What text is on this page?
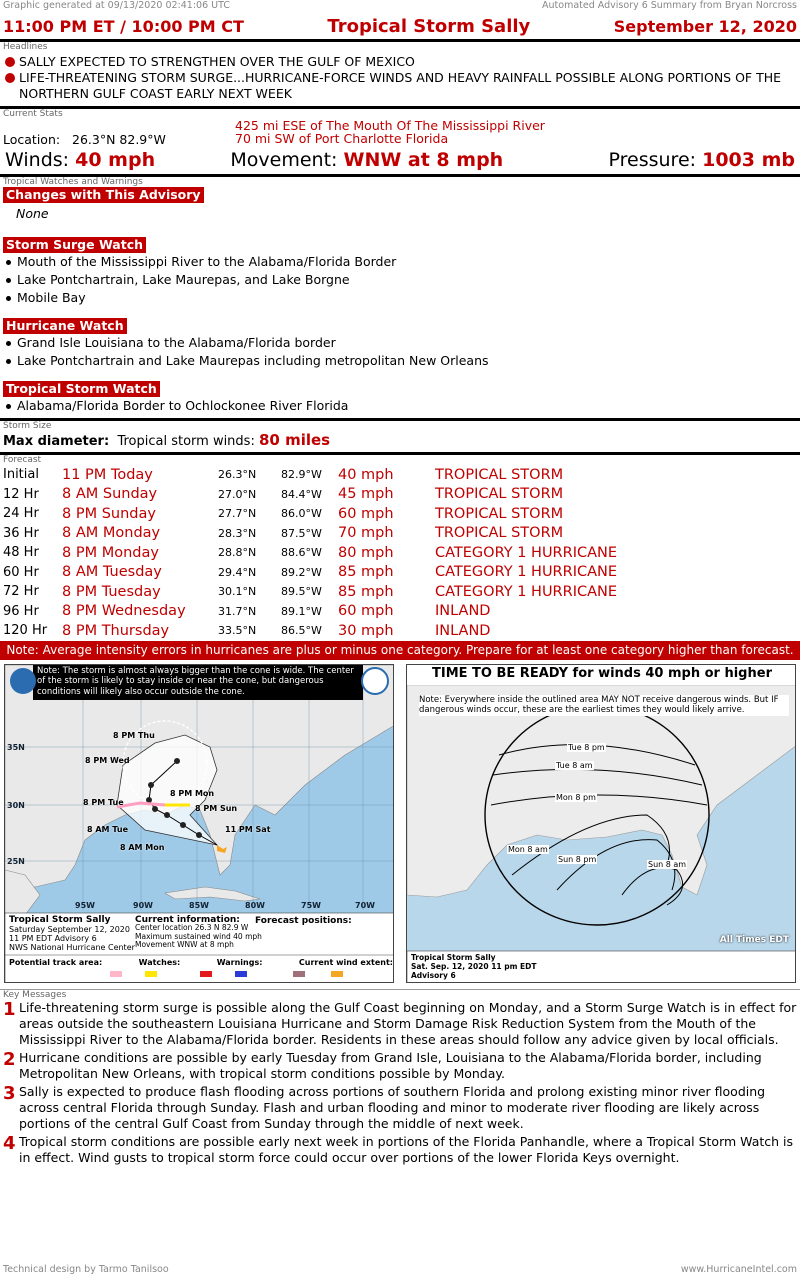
Graphic generated at 09/13/2020 02:41:06 UTC	Automated Advisory 6 Summary from Bryan Norcross
11:00 PM ET / 10:00 PM CT	Tropical Storm Sally	September 12, 2020
Headlines
SALLY EXPECTED TO STRENGTHEN OVER THE GULF OF MEXICO
LIFE-THREATENING STORM SURGE...HURRICANE-FORCE WINDS AND HEAVY RAINFALL POSSIBLE ALONG PORTIONS OF THE NORTHERN GULF COAST EARLY NEXT WEEK
Current Stats
Location: 26.3°N 82.9°W
425 mi ESE of The Mouth Of The Mississippi River
70 mi SW of Port Charlotte Florida
Winds: 40 mph	Movement: WNW at 8 mph	Pressure: 1003 mb
Tropical Watches and Warnings
Changes with This Advisory
None
Storm Surge Watch
Mouth of the Mississippi River to the Alabama/Florida Border
Lake Pontchartrain, Lake Maurepas, and Lake Borgne
Mobile Bay
Hurricane Watch
Grand Isle Louisiana to the Alabama/Florida border
Lake Pontchartrain and Lake Maurepas including metropolitan New Orleans
Tropical Storm Watch
Alabama/Florida Border to Ochlockonee River Florida
Storm Size
Max diameter: Tropical storm winds: 80 miles
Forecast
Initial	11 PM Today	26.3°N	82.9°W	40 mph	TROPICAL STORM
12 Hr	8 AM Sunday	27.0°N	84.4°W	45 mph	TROPICAL STORM
24 Hr	8 PM Sunday	27.7°N	86.0°W	60 mph	TROPICAL STORM
36 Hr	8 AM Monday	28.3°N	87.5°W	70 mph	TROPICAL STORM
48 Hr	8 PM Monday	28.8°N	88.6°W	80 mph	CATEGORY 1 HURRICANE
60 Hr	8 AM Tuesday	29.4°N	89.2°W	85 mph	CATEGORY 1 HURRICANE
72 Hr	8 PM Tuesday	30.1°N	89.5°W	85 mph	CATEGORY 1 HURRICANE
96 Hr	8 PM Wednesday	31.7°N	89.1°W	60 mph	INLAND
120 Hr	8 PM Thursday	33.5°N	86.5°W	30 mph	INLAND
Note: Average intensity errors in hurricanes are plus or minus one category. Prepare for at least one category higher than forecast.
Note: The storm is almost always bigger than the cone is wide. The center of the storm is likely to stay inside or near the cone, but dangerous conditions will likely also occur outside the cone.
Tropical Storm Sally
Saturday September 12, 2020
11 PM EDT Advisory 6
NWS National Hurricane Center
Current information:
Center location 26.3 N 82.9 W
Maximum sustained wind 40 mph
Movement WNW at 8 mph
Forecast positions:
Potential track area:	Watches:	Warnings:	Current wind extent:
8 PM Thu
8 PM Wed
8 PM Tue
8 AM Tue
8 PM Mon
8 PM Sun
8 AM Mon
11 PM Sat
95W	90W	85W	80W	75W	70W
35N
30N
25N
TIME TO BE READY for winds 40 mph or higher
Note: Everywhere inside the outlined area MAY NOT receive dangerous winds. But IF dangerous winds occur, these are the earliest times they would likely arrive.
All Times EDT
Tropical Storm Sally
Sat. Sep. 12, 2020 11 pm EDT
Advisory 6
Tue 8 pm
Tue 8 am
Mon 8 pm
Mon 8 am
Sun 8 pm
Sun 8 am
Key Messages
1 Life-threatening storm surge is possible along the Gulf Coast beginning on Monday, and a Storm Surge Watch is in effect for areas outside the southeastern Louisiana Hurricane and Storm Damage Risk Reduction System from the Mouth of the Mississippi River to the Alabama/Florida border. Residents in these areas should follow any advice given by local officials.
2 Hurricane conditions are possible by early Tuesday from Grand Isle, Louisiana to the Alabama/Florida border, including Metropolitan New Orleans, with tropical storm conditions possible by Monday.
3 Sally is expected to produce flash flooding across portions of southern Florida and prolong existing minor river flooding across central Florida through Sunday. Flash and urban flooding and minor to moderate river flooding are likely across portions of the central Gulf Coast from Sunday through the middle of next week.
4 Tropical storm conditions are possible early next week in portions of the Florida Panhandle, where a Tropical Storm Watch is in effect. Wind gusts to tropical storm force could occur over portions of the lower Florida Keys overnight.
Technical design by Tarmo Tanilsoo	www.HurricaneIntel.com
